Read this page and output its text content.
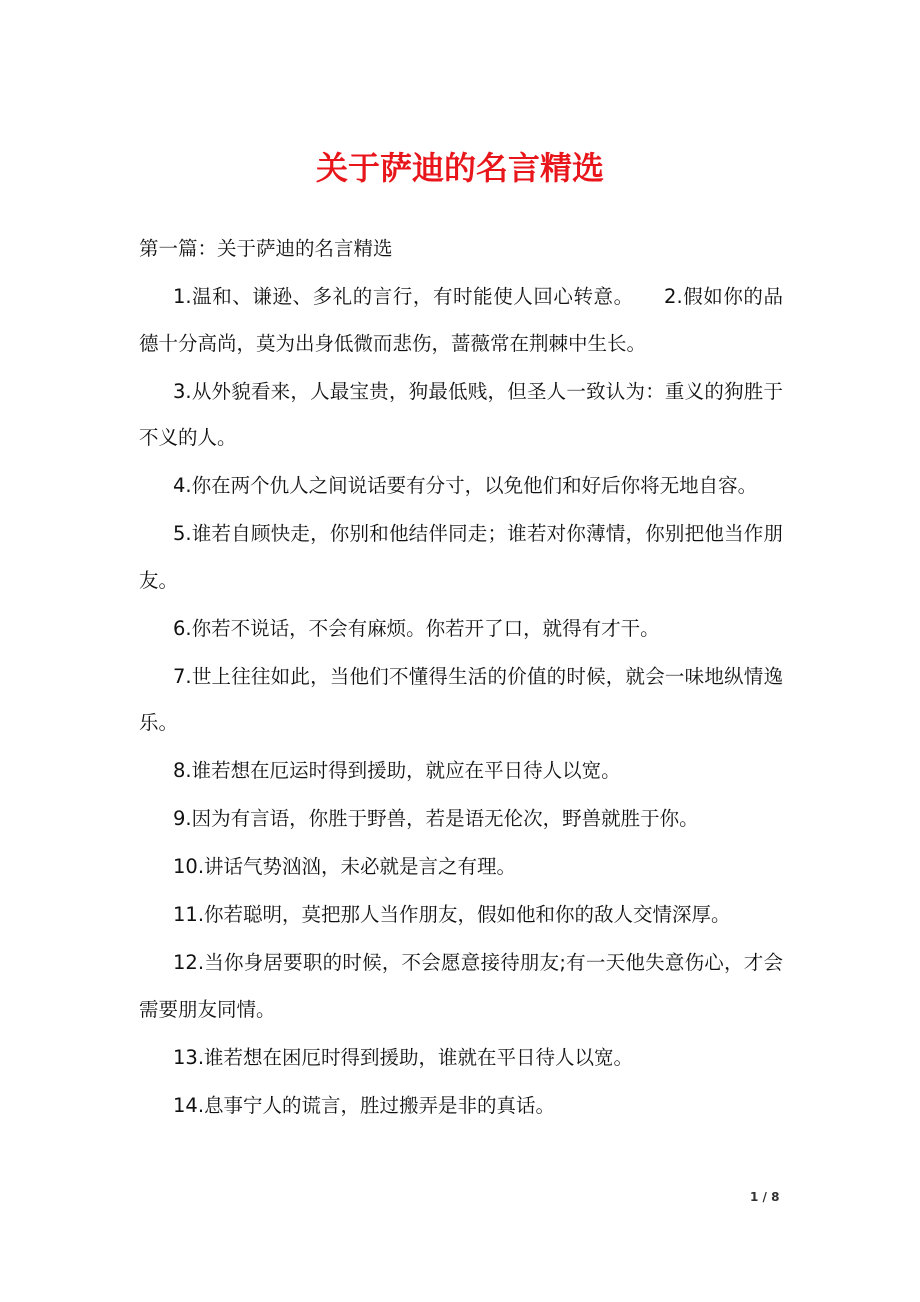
关于萨迪的名言精选

第一篇：关于萨迪的名言精选

1.温和、谦逊、多礼的言行，有时能使人回心转意。　　2.假如你的品德十分高尚，莫为出身低微而悲伤，蔷薇常在荆棘中生长。

3.从外貌看来，人最宝贵，狗最低贱，但圣人一致认为：重义的狗胜于不义的人。

4.你在两个仇人之间说话要有分寸，以免他们和好后你将无地自容。

5.谁若自顾快走，你别和他结伴同走；谁若对你薄情，你别把他当作朋友。

6.你若不说话，不会有麻烦。你若开了口，就得有才干。

7.世上往往如此，当他们不懂得生活的价值的时候，就会一味地纵情逸乐。

8.谁若想在厄运时得到援助，就应在平日待人以宽。

9.因为有言语，你胜于野兽，若是语无伦次，野兽就胜于你。

10.讲话气势汹汹，未必就是言之有理。

11.你若聪明，莫把那人当作朋友，假如他和你的敌人交情深厚。

12.当你身居要职的时候，不会愿意接待朋友;有一天他失意伤心，才会需要朋友同情。

13.谁若想在困厄时得到援助，谁就在平日待人以宽。

14.息事宁人的谎言，胜过搬弄是非的真话。

1 / 8
